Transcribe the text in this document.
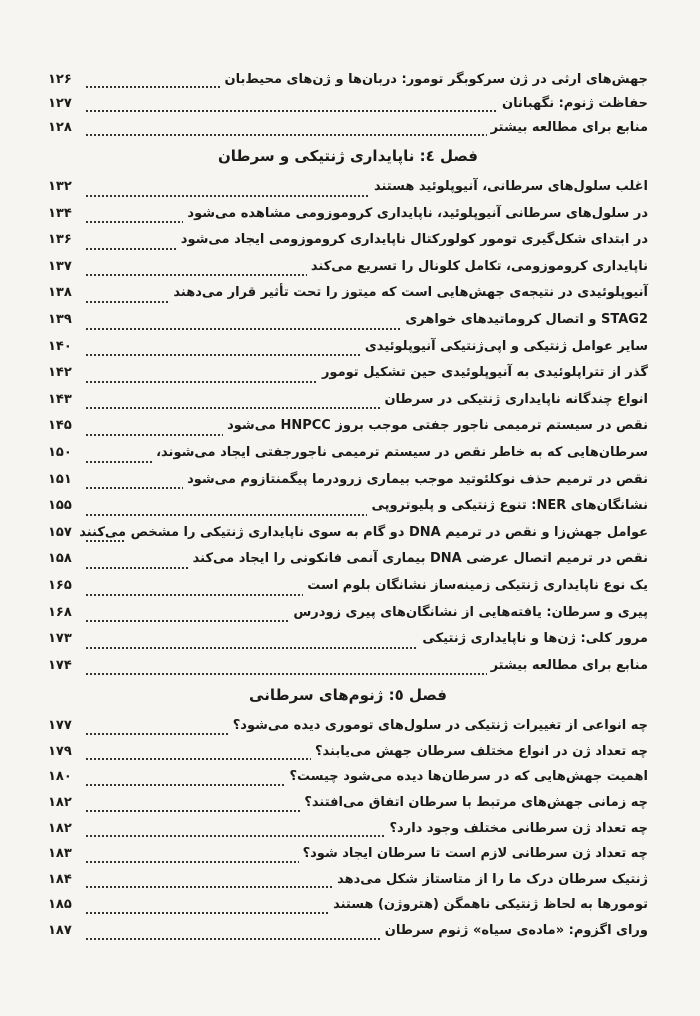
جهش‌های ارثی در ژن سرکوبگر تومور: دربان‌ها و ژن‌های محیط‌بان
۱۲۶
حفاظت ژنوم: نگهبانان
۱۲۷
منابع برای مطالعه بیشتر
۱۲۸
فصل ٤: ناپایداری ژنتیکی و سرطان
اغلب سلول‌های سرطانی، آنیوپلوئید هستند
۱۳۲
در سلول‌های سرطانی آنیوپلوئید، ناپایداری کروموزومی مشاهده می‌شود
۱۳۴
در ابتدای شکل‌گیری تومور کولورکتال ناپایداری کروموزومی ایجاد می‌شود
۱۳۶
ناپایداری کروموزومی، تکامل کلونال را تسریع می‌کند
۱۳۷
آنیوپلوئیدی در نتیجه‌ی جهش‌هایی است که میتوز را تحت تأثیر قرار می‌دهند
۱۳۸
STAG2 و اتصال کروماتیدهای خواهری
۱۳۹
سایر عوامل ژنتیکی و اپی‌ژنتیکی آنیوپلوئیدی
۱۴۰
گذر از تتراپلوئیدی به آنیوپلوئیدی حین تشکیل تومور
۱۴۲
انواع چندگانه ناپایداری ژنتیکی در سرطان
۱۴۳
نقص در سیستم ترمیمی ناجور جفتی موجب بروز HNPCC می‌شود
۱۴۵
سرطان‌هایی که به خاطر نقص در سیستم ترمیمی ناجورجفتی ایجاد می‌شوند،
۱۵۰
نقص در ترمیم حذف نوکلئوتید موجب بیماری زرودرما پیگمنتازوم می‌شود
۱۵۱
نشانگان‌های NER: تنوع ژنتیکی و پلیوتروپی
۱۵۵
عوامل جهش‌زا و نقص در ترمیم DNA دو گام به سوی ناپایداری ژنتیکی را مشخص می‌کنند
۱۵۷
نقص در ترمیم اتصال عرضی DNA بیماری آنمی فانکونی را ایجاد می‌کند
۱۵۸
یک نوع ناپایداری ژنتیکی زمینه‌ساز نشانگان بلوم است
۱۶۵
پیری و سرطان: یافته‌هایی از نشانگان‌های پیری زودرس
۱۶۸
مرور کلی: ژن‌ها و ناپایداری ژنتیکی
۱۷۳
منابع برای مطالعه بیشتر
۱۷۴
فصل ٥: ژنوم‌های سرطانی
چه انواعی از تغییرات ژنتیکی در سلول‌های توموری دیده می‌شود؟
۱۷۷
چه تعداد ژن در انواع مختلف سرطان جهش می‌یابند؟
۱۷۹
اهمیت جهش‌هایی که در سرطان‌ها دیده می‌شود چیست؟
۱۸۰
چه زمانی جهش‌های مرتبط با سرطان اتفاق می‌افتند؟
۱۸۲
چه تعداد ژن سرطانی مختلف وجود دارد؟
۱۸۲
چه تعداد ژن سرطانی لازم است تا سرطان ایجاد شود؟
۱۸۳
ژنتیک سرطان درک ما را از متاستاز شکل می‌دهد
۱۸۴
تومورها به لحاظ ژنتیکی ناهمگن (هتروژن) هستند
۱۸۵
ورای اگزوم: «ماده‌ی سیاه» ژنوم سرطان
۱۸۷
